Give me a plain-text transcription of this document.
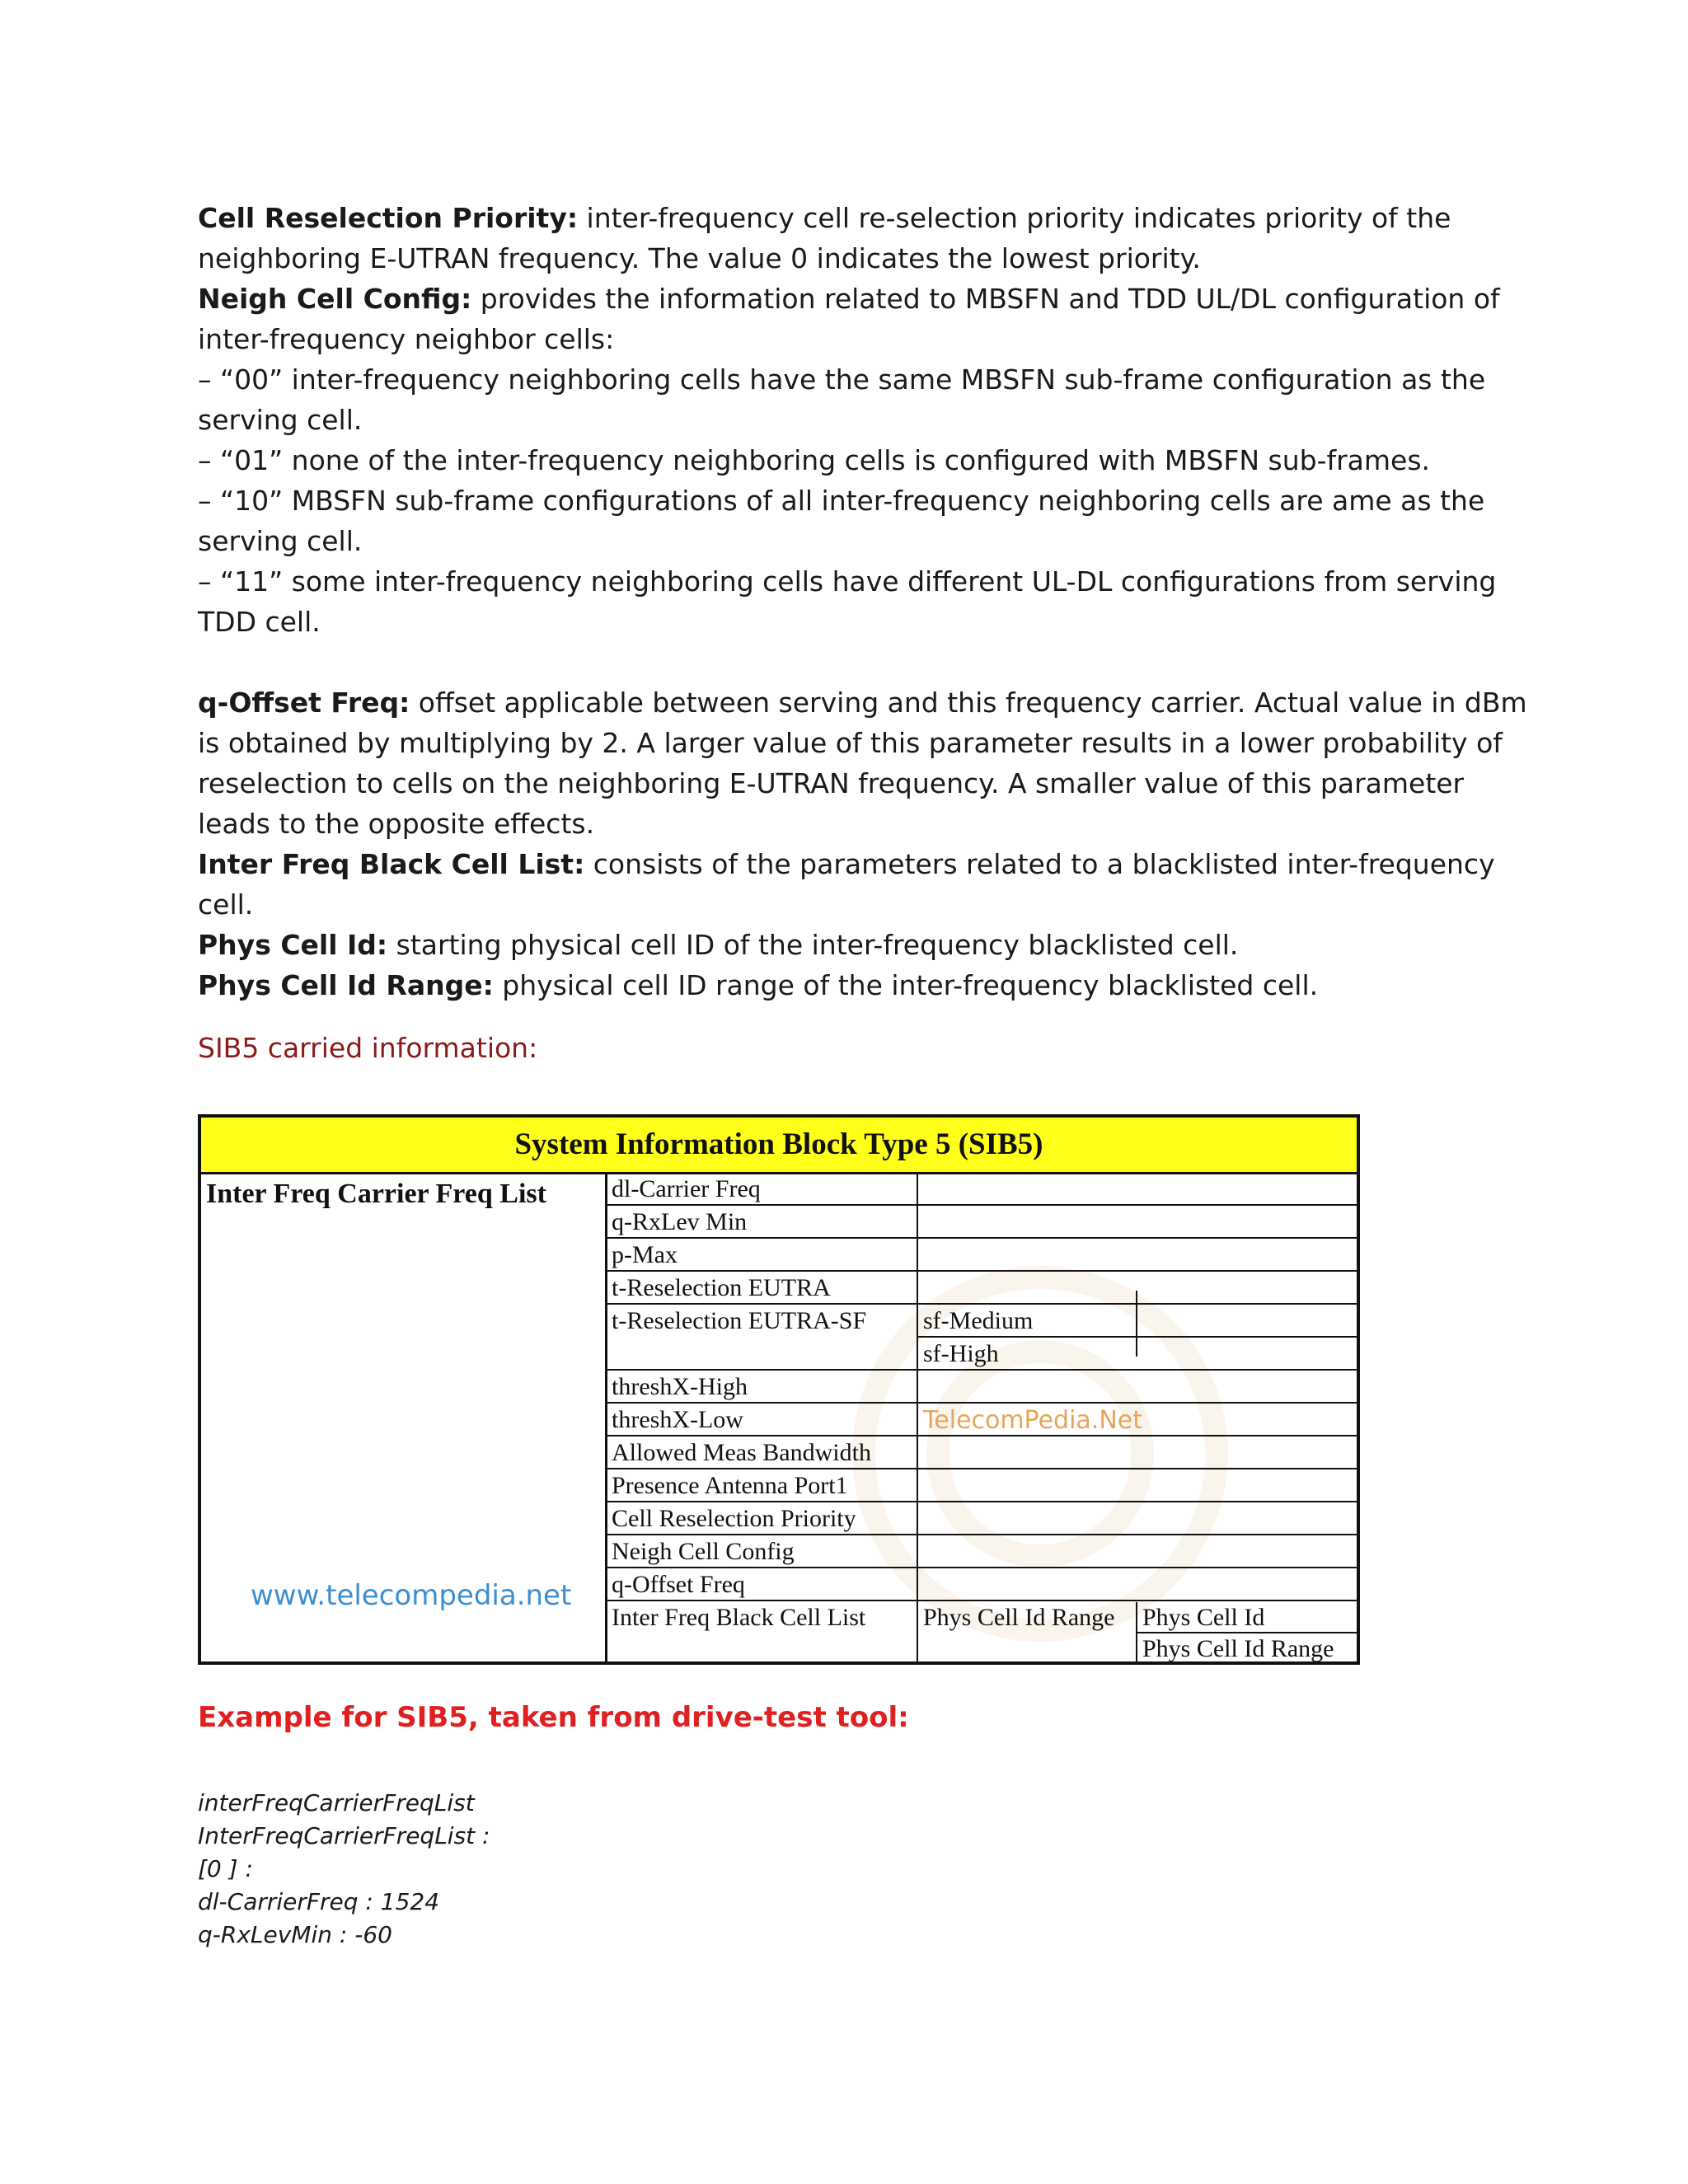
Cell Reselection Priority: inter-frequency cell re-selection priority indicates priority of the
neighboring E-UTRAN frequency. The value 0 indicates the lowest priority.
Neigh Cell Config: provides the information related to MBSFN and TDD UL/DL configuration of
inter-frequency neighbor cells:
– “00” inter-frequency neighboring cells have the same MBSFN sub-frame configuration as the
serving cell.
– “01” none of the inter-frequency neighboring cells is configured with MBSFN sub-frames.
– “10” MBSFN sub-frame configurations of all inter-frequency neighboring cells are ame as the
serving cell.
– “11” some inter-frequency neighboring cells have different UL-DL configurations from serving
TDD cell.
q-Offset Freq: offset applicable between serving and this frequency carrier. Actual value in dBm
is obtained by multiplying by 2. A larger value of this parameter results in a lower probability of
reselection to cells on the neighboring E-UTRAN frequency. A smaller value of this parameter
leads to the opposite effects.
Inter Freq Black Cell List: consists of the parameters related to a blacklisted inter-frequency
cell.
Phys Cell Id: starting physical cell ID of the inter-frequency blacklisted cell.
Phys Cell Id Range: physical cell ID range of the inter-frequency blacklisted cell.
SIB5 carried information:
System Information Block Type 5 (SIB5)
Inter Freq Carrier Freq List
www.telecompedia.net
dl-Carrier Freq
q-RxLev Min
p-Max
t-Reselection EUTRA
t-Reselection EUTRA-SF
threshX-High
threshX-Low
Allowed Meas Bandwidth
Presence Antenna Port1
Cell Reselection Priority
Neigh Cell Config
q-Offset Freq
Inter Freq Black Cell List
sf-Medium
sf-High
TelecomPedia.Net
Phys Cell Id Range	Phys Cell Id
Phys Cell Id Range
Example for SIB5, taken from drive-test tool:
interFreqCarrierFreqList
InterFreqCarrierFreqList :
[0 ] :
dl-CarrierFreq : 1524
q-RxLevMin : -60
